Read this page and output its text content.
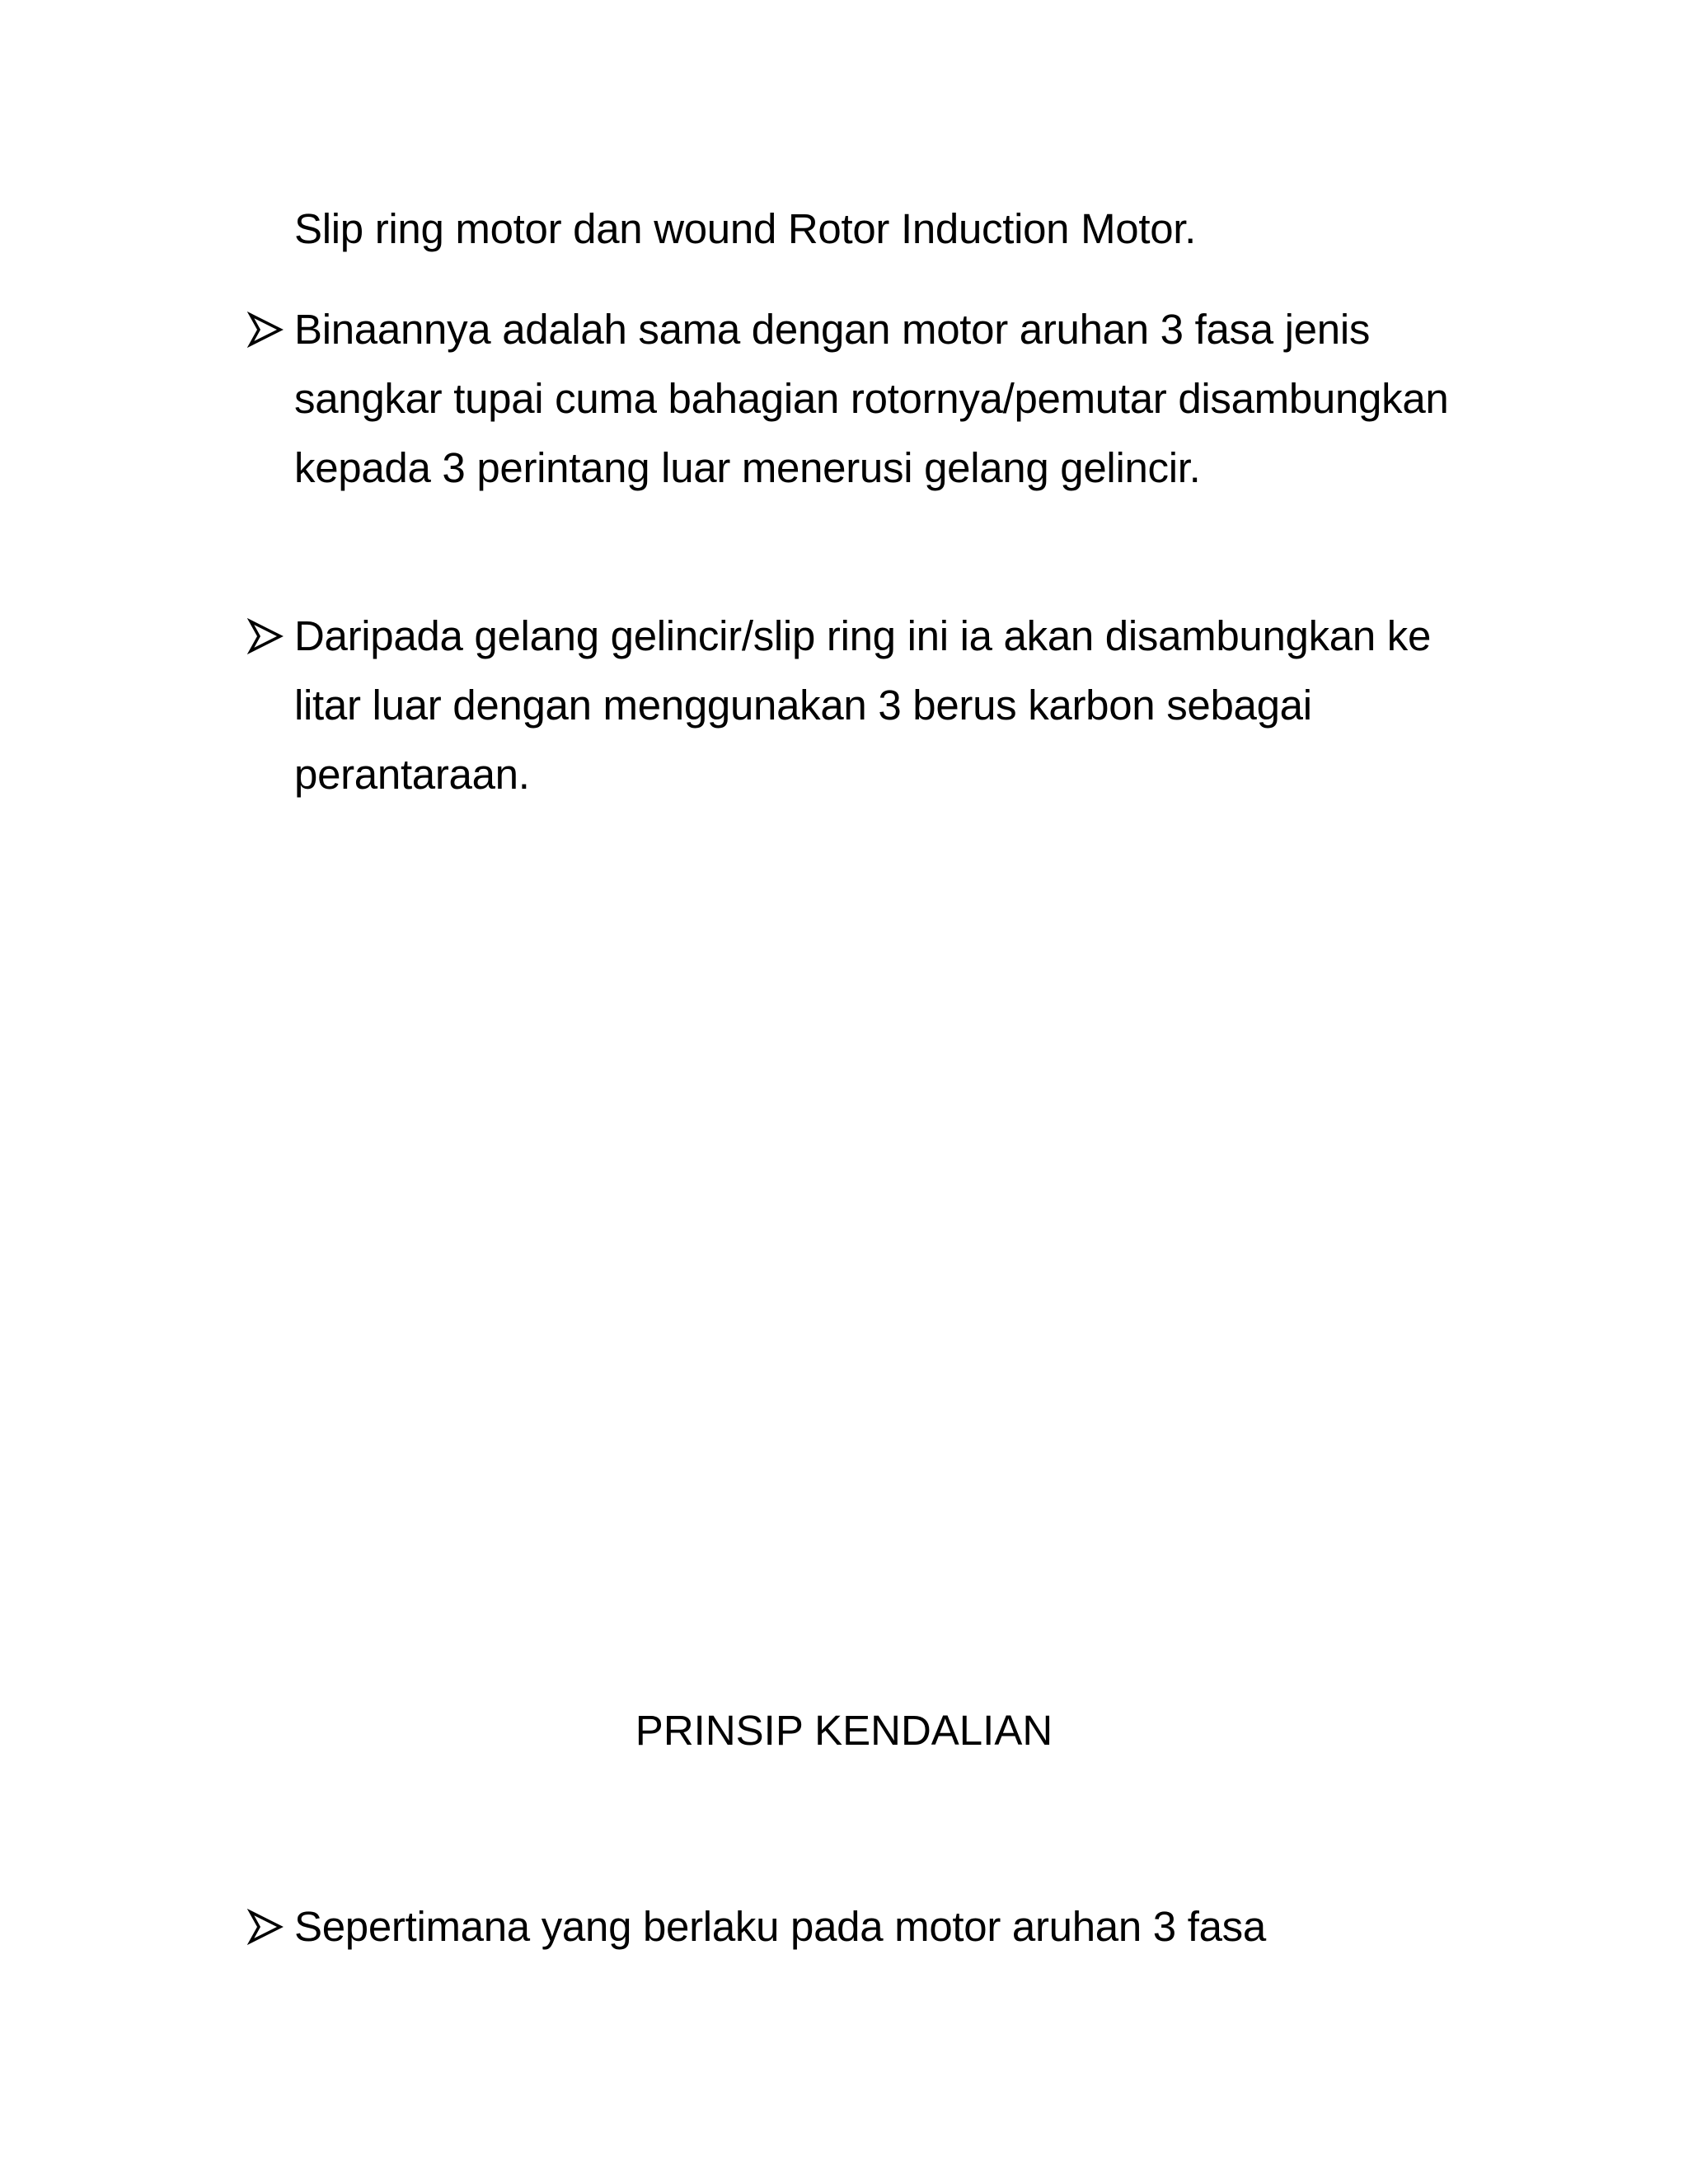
Slip ring motor dan wound Rotor Induction Motor.
Binaannya adalah sama dengan motor aruhan 3 fasa jenis sangkar tupai cuma bahagian rotornya/pemutar disambungkan kepada 3 perintang luar menerusi gelang gelincir.
Daripada gelang gelincir/slip ring ini ia akan disambungkan ke litar luar dengan menggunakan 3 berus karbon sebagai perantaraan.
PRINSIP KENDALIAN
Sepertimana yang berlaku pada motor aruhan 3 fasa
